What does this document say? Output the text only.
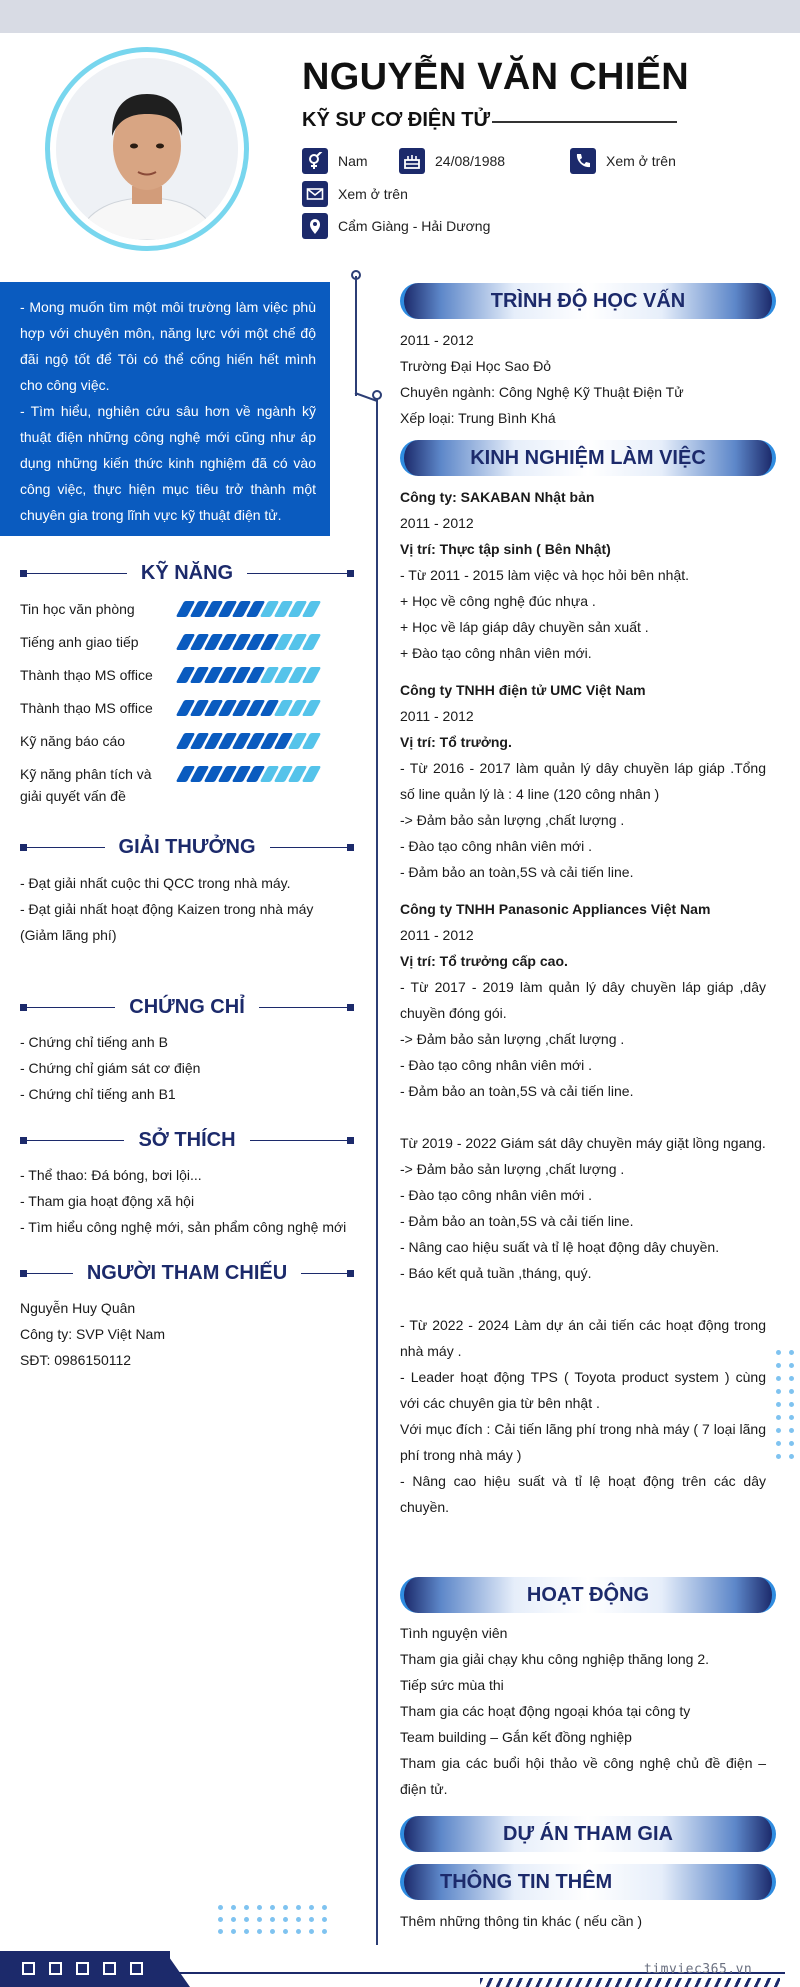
NGUYỄN VĂN CHIẾN
KỸ SƯ CƠ ĐIỆN TỬ
Nam	24/08/1988	Xem ở trên
Xem ở trên
Cẩm Giàng - Hải Dương

- Mong muốn tìm một môi trường làm việc phù hợp với chuyên môn, năng lực với một chế độ đãi ngộ tốt để Tôi có thể cống hiến hết mình cho công việc.

- Tìm hiểu, nghiên cứu sâu hơn về ngành kỹ thuật điện những công nghệ mới cũng như áp dụng những kiến thức kinh nghiệm đã có vào công việc, thực hiện mục tiêu trở thành một chuyên gia trong lĩnh vực kỹ thuật điện tử.

KỸ NĂNG
Tin học văn phòng
Tiếng anh giao tiếp
Thành thạo MS office
Thành thạo MS office
Kỹ năng báo cáo
Kỹ năng phân tích và giải quyết vấn đề
GIẢI THƯỞNG
- Đạt giải nhất cuộc thi QCC trong nhà máy.
- Đạt giải nhất hoạt động Kaizen trong nhà máy (Giảm lãng phí)
CHỨNG CHỈ
- Chứng chỉ tiếng anh B
- Chứng chỉ giám sát cơ điện
- Chứng chỉ tiếng anh B1
SỞ THÍCH
- Thể thao: Đá bóng, bơi lội...
- Tham gia hoạt động xã hội
- Tìm hiểu công nghệ mới, sản phẩm công nghệ mới
NGƯỜI THAM CHIẾU
Nguyễn Huy Quân
Công ty: SVP Việt Nam
SĐT: 0986150112
TRÌNH ĐỘ HỌC VẤN
2011 - 2012
Trường Đại Học Sao Đỏ
Chuyên ngành: Công Nghệ Kỹ Thuật Điện Tử
Xếp loại: Trung Bình Khá
KINH NGHIỆM LÀM VIỆC
Công ty: SAKABAN Nhật bản
2011 - 2012
Vị trí: Thực tập sinh ( Bên Nhật)
- Từ 2011 - 2015 làm việc và học hỏi bên nhật.
+ Học về công nghệ đúc nhựa .
+ Học về láp giáp dây chuyền sản xuất .
+ Đào tạo công nhân viên mới.
Công ty TNHH điện tử UMC Việt Nam
2011 - 2012
Vị trí: Tổ trưởng.
- Từ 2016 - 2017 làm quản lý dây chuyền láp giáp .Tổng số line quản lý là : 4 line (120 công nhân )
-> Đảm bảo sản lượng ,chất lượng .
- Đào tạo công nhân viên mới .
- Đảm bảo an toàn,5S và cải tiến line.
Công ty TNHH Panasonic Appliances Việt Nam
2011 - 2012
Vị trí: Tổ trưởng cấp cao.
- Từ 2017 - 2019 làm quản lý dây chuyền láp giáp ,dây chuyền đóng gói.
-> Đảm bảo sản lượng ,chất lượng .
- Đào tạo công nhân viên mới .
- Đảm bảo an toàn,5S và cải tiến line.
Từ 2019 - 2022 Giám sát dây chuyền máy giặt lồng ngang.
-> Đảm bảo sản lượng ,chất lượng .
- Đào tạo công nhân viên mới .
- Đảm bảo an toàn,5S và cải tiến line.
- Nâng cao hiệu suất và tỉ lệ hoạt động dây chuyền.
- Báo kết quả tuần ,tháng, quý.
- Từ 2022 - 2024 Làm dự án cải tiến các hoạt động trong nhà máy .
- Leader hoạt động TPS ( Toyota product system ) cùng với các chuyên gia từ bên nhật .
Với mục đích : Cải tiến lãng phí trong nhà máy ( 7 loại lãng phí trong nhà máy )
- Nâng cao hiệu suất và tỉ lệ hoạt động trên các dây chuyền.
HOẠT ĐỘNG
Tình nguyện viên
Tham gia giải chạy khu công nghiệp thăng long 2.
Tiếp sức mùa thi
Tham gia các hoạt động ngoại khóa tại công ty
Team building – Gắn kết đồng nghiệp
Tham gia các buổi hội thảo về công nghệ chủ đề điện – điện tử.
DỰ ÁN THAM GIA
THÔNG TIN THÊM
Thêm những thông tin khác ( nếu cần )
timviec365.vn
